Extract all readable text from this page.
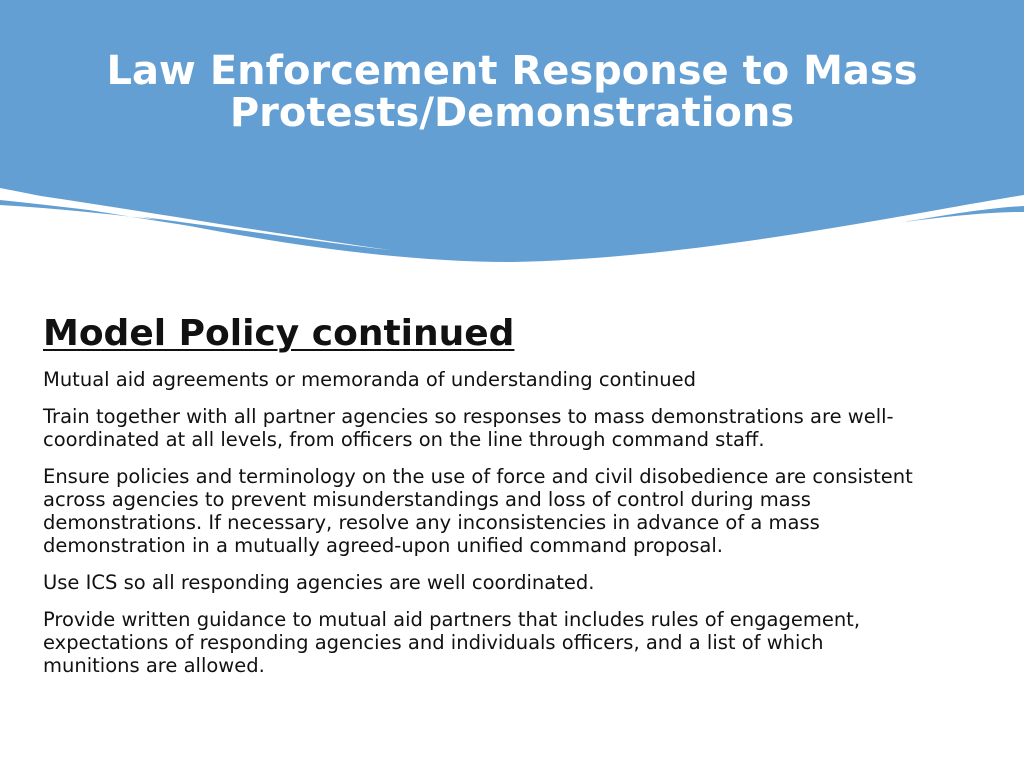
Law Enforcement Response to Mass
Protests/Demonstrations
Model Policy continued

Mutual aid agreements or memoranda of understanding continued

Train together with all partner agencies so responses to mass demonstrations are well-coordinated at all levels, from officers on the line through command staff.

Ensure policies and terminology on the use of force and civil disobedience are consistent across agencies to prevent misunderstandings and loss of control during mass demonstrations. If necessary, resolve any inconsistencies in advance of a mass demonstration in a mutually agreed-upon unified command proposal.

Use ICS so all responding agencies are well coordinated.

Provide written guidance to mutual aid partners that includes rules of engagement, expectations of responding agencies and individuals officers, and a list of which munitions are allowed.
